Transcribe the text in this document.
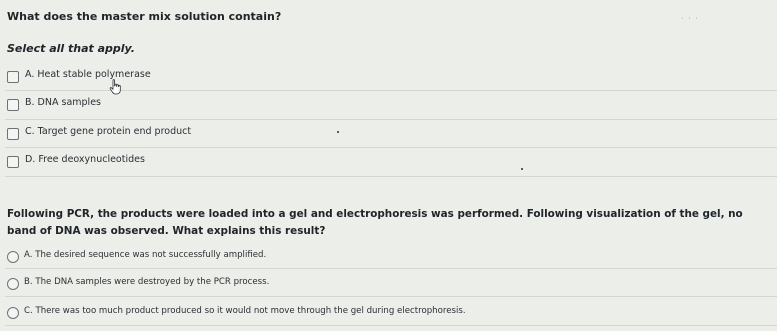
What does the master mix solution contain?	· · ·
Select all that apply.
A. Heat stable polymerase
B. DNA samples
C. Target gene protein end product
D. Free deoxynucleotides
Following PCR, the products were loaded into a gel and electrophoresis was performed. Following visualization of the gel, no band of DNA was observed. What explains this result?
A. The desired sequence was not successfully amplified.
B. The DNA samples were destroyed by the PCR process.
C. There was too much product produced so it would not move through the gel during electrophoresis.
